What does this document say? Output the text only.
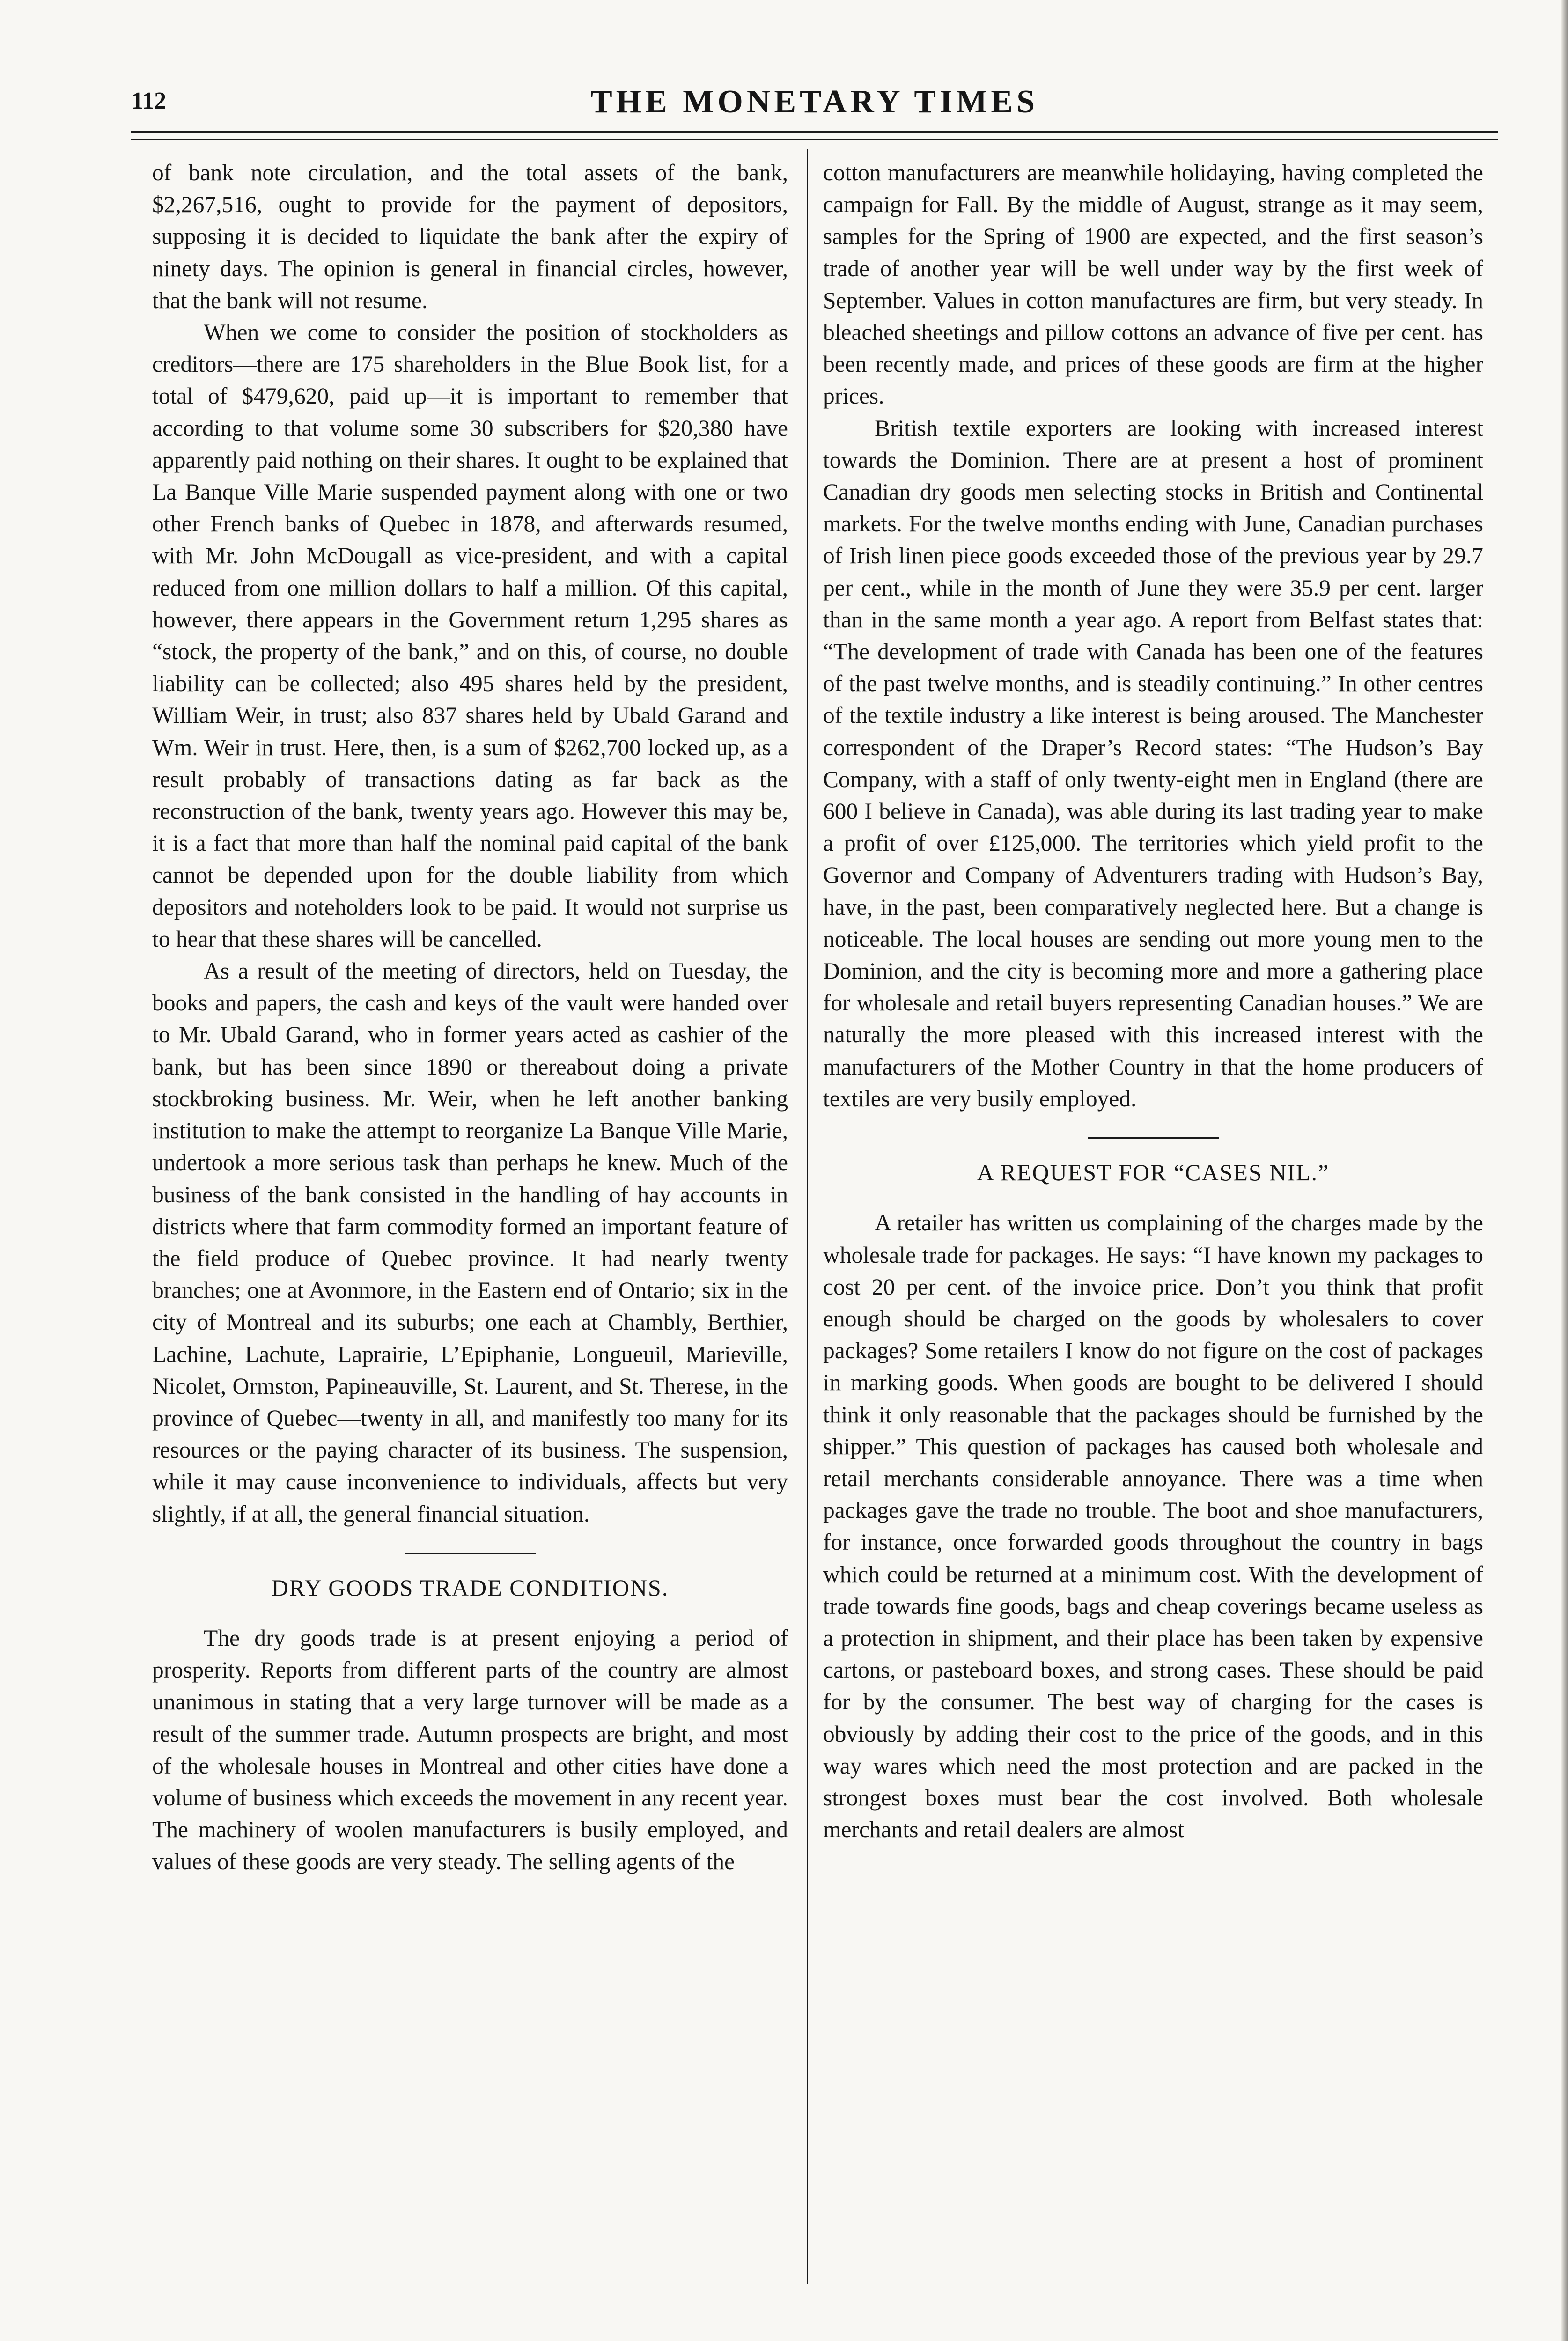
112	THE MONETARY TIMES

of bank note circulation, and the total assets of the bank, $2,267,516, ought to provide for the payment of depositors, supposing it is decided to liquidate the bank after the expiry of ninety days. The opinion is general in financial circles, however, that the bank will not resume.

When we come to consider the position of stockholders as creditors—there are 175 shareholders in the Blue Book list, for a total of $479,620, paid up—it is important to remember that according to that volume some 30 subscribers for $20,380 have apparently paid nothing on their shares. It ought to be explained that La Banque Ville Marie suspended payment along with one or two other French banks of Quebec in 1878, and afterwards resumed, with Mr. John McDougall as vice-president, and with a capital reduced from one million dollars to half a million. Of this capital, however, there appears in the Government return 1,295 shares as “stock, the property of the bank,” and on this, of course, no double liability can be collected; also 495 shares held by the president, William Weir, in trust; also 837 shares held by Ubald Garand and Wm. Weir in trust. Here, then, is a sum of $262,700 locked up, as a result probably of transactions dating as far back as the reconstruction of the bank, twenty years ago. However this may be, it is a fact that more than half the nominal paid capital of the bank cannot be depended upon for the double liability from which depositors and noteholders look to be paid. It would not surprise us to hear that these shares will be cancelled.

As a result of the meeting of directors, held on Tuesday, the books and papers, the cash and keys of the vault were handed over to Mr. Ubald Garand, who in former years acted as cashier of the bank, but has been since 1890 or thereabout doing a private stockbroking business. Mr. Weir, when he left another banking institution to make the attempt to reorganize La Banque Ville Marie, undertook a more serious task than perhaps he knew. Much of the business of the bank consisted in the handling of hay accounts in districts where that farm commodity formed an important feature of the field produce of Quebec province. It had nearly twenty branches; one at Avonmore, in the Eastern end of Ontario; six in the city of Montreal and its suburbs; one each at Chambly, Berthier, Lachine, Lachute, Laprairie, L’Epiphanie, Longueuil, Marieville, Nicolet, Ormston, Papineauville, St. Laurent, and St. Therese, in the province of Quebec—twenty in all, and manifestly too many for its resources or the paying character of its business. The suspension, while it may cause inconvenience to individuals, affects but very slightly, if at all, the general financial situation.

DRY GOODS TRADE CONDITIONS.

The dry goods trade is at present enjoying a period of prosperity. Reports from different parts of the country are almost unanimous in stating that a very large turnover will be made as a result of the summer trade. Autumn prospects are bright, and most of the wholesale houses in Montreal and other cities have done a volume of business which exceeds the movement in any recent year. The machinery of woolen manufacturers is busily employed, and values of these goods are very steady. The selling agents of the

cotton manufacturers are meanwhile holidaying, having completed the campaign for Fall. By the middle of August, strange as it may seem, samples for the Spring of 1900 are expected, and the first season’s trade of another year will be well under way by the first week of September. Values in cotton manufactures are firm, but very steady. In bleached sheetings and pillow cottons an advance of five per cent. has been recently made, and prices of these goods are firm at the higher prices.

British textile exporters are looking with increased interest towards the Dominion. There are at present a host of prominent Canadian dry goods men selecting stocks in British and Continental markets. For the twelve months ending with June, Canadian purchases of Irish linen piece goods exceeded those of the previous year by 29.7 per cent., while in the month of June they were 35.9 per cent. larger than in the same month a year ago. A report from Belfast states that: “The development of trade with Canada has been one of the features of the past twelve months, and is steadily continuing.” In other centres of the textile industry a like interest is being aroused. The Manchester correspondent of the Draper’s Record states: “The Hudson’s Bay Company, with a staff of only twenty-eight men in England (there are 600 I believe in Canada), was able during its last trading year to make a profit of over £125,000. The territories which yield profit to the Governor and Company of Adventurers trading with Hudson’s Bay, have, in the past, been comparatively neglected here. But a change is noticeable. The local houses are sending out more young men to the Dominion, and the city is becoming more and more a gathering place for wholesale and retail buyers representing Canadian houses.” We are naturally the more pleased with this increased interest with the manufacturers of the Mother Country in that the home producers of textiles are very busily employed.

A REQUEST FOR “CASES NIL.”

A retailer has written us complaining of the charges made by the wholesale trade for packages. He says: “I have known my packages to cost 20 per cent. of the invoice price. Don’t you think that profit enough should be charged on the goods by wholesalers to cover packages? Some retailers I know do not figure on the cost of packages in marking goods. When goods are bought to be delivered I should think it only reasonable that the packages should be furnished by the shipper.” This question of packages has caused both wholesale and retail merchants considerable annoyance. There was a time when packages gave the trade no trouble. The boot and shoe manufacturers, for instance, once forwarded goods throughout the country in bags which could be returned at a minimum cost. With the development of trade towards fine goods, bags and cheap coverings became useless as a protection in shipment, and their place has been taken by expensive cartons, or pasteboard boxes, and strong cases. These should be paid for by the consumer. The best way of charging for the cases is obviously by adding their cost to the price of the goods, and in this way wares which need the most protection and are packed in the strongest boxes must bear the cost involved. Both wholesale merchants and retail dealers are almost
